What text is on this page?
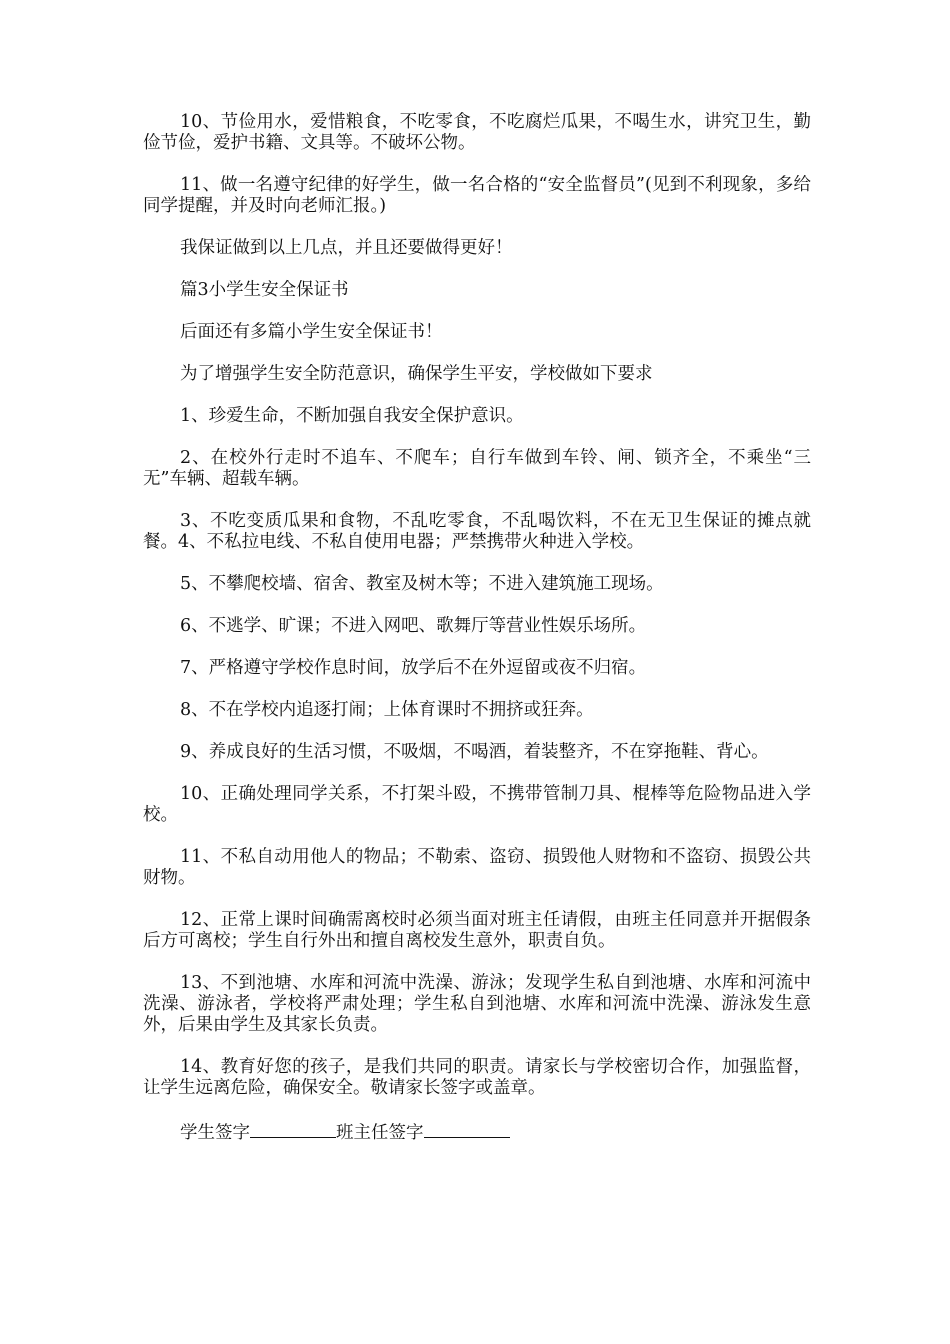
10、节俭用水，爱惜粮食，不吃零食，不吃腐烂瓜果，不喝生水，讲究卫生，勤俭节俭，爱护书籍、文具等。不破坏公物。

11、做一名遵守纪律的好学生，做一名合格的“安全监督员”(见到不利现象，多给同学提醒，并及时向老师汇报。)

我保证做到以上几点，并且还要做得更好！

篇3小学生安全保证书

后面还有多篇小学生安全保证书！

为了增强学生安全防范意识，确保学生平安，学校做如下要求

1、珍爱生命，不断加强自我安全保护意识。

2、在校外行走时不追车、不爬车；自行车做到车铃、闸、锁齐全，不乘坐“三无”车辆、超载车辆。

3、不吃变质瓜果和食物，不乱吃零食，不乱喝饮料，不在无卫生保证的摊点就餐。4、不私拉电线、不私自使用电器；严禁携带火种进入学校。

5、不攀爬校墙、宿舍、教室及树木等；不进入建筑施工现场。

6、不逃学、旷课；不进入网吧、歌舞厅等营业性娱乐场所。

7、严格遵守学校作息时间，放学后不在外逗留或夜不归宿。

8、不在学校内追逐打闹；上体育课时不拥挤或狂奔。

9、养成良好的生活习惯，不吸烟，不喝酒，着装整齐，不在穿拖鞋、背心。

10、正确处理同学关系，不打架斗殴，不携带管制刀具、棍棒等危险物品进入学校。

11、不私自动用他人的物品；不勒索、盗窃、损毁他人财物和不盗窃、损毁公共财物。

12、正常上课时间确需离校时必须当面对班主任请假，由班主任同意并开据假条后方可离校；学生自行外出和擅自离校发生意外，职责自负。

13、不到池塘、水库和河流中洗澡、游泳；发现学生私自到池塘、水库和河流中洗澡、游泳者，学校将严肃处理；学生私自到池塘、水库和河流中洗澡、游泳发生意外，后果由学生及其家长负责。

14、教育好您的孩子，是我们共同的职责。请家长与学校密切合作，加强监督，让学生远离危险，确保安全。敬请家长签字或盖章。

学生签字	班主任签字
